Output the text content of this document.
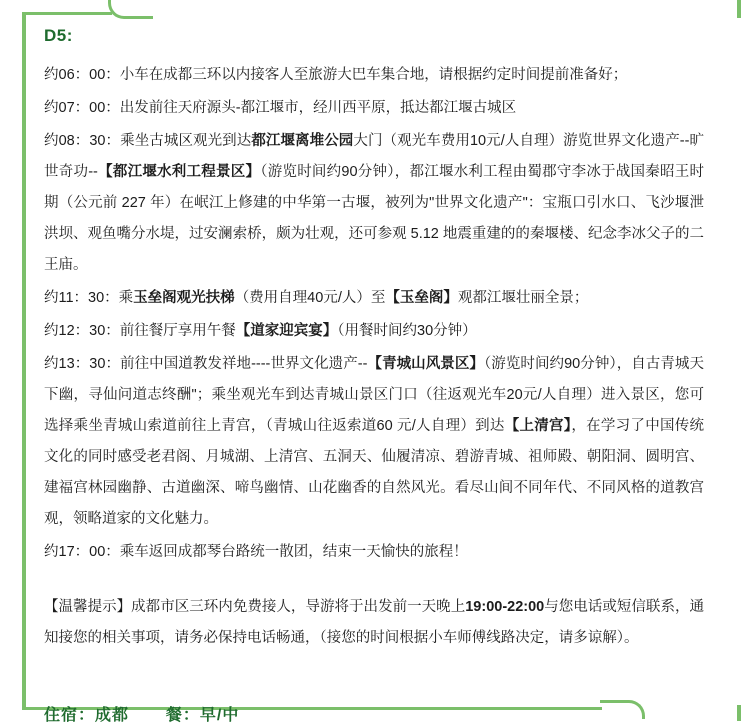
D5:

约06：00：小车在成都三环以内接客人至旅游大巴车集合地，请根据约定时间提前准备好；

约07：00：出发前往天府源头-都江堰市，经川西平原，抵达都江堰古城区

约08：30：乘坐古城区观光到达都江堰离堆公园大门（观光车费用10元/人自理）游览世界文化遗产--旷世奇功--【都江堰水利工程景区】（游览时间约90分钟），都江堰水利工程由蜀郡守李冰于战国秦昭王时期（公元前 227 年）在岷江上修建的中华第一古堰，被列为"世界文化遗产"：宝瓶口引水口、飞沙堰泄洪坝、观鱼嘴分水堤，过安澜索桥，颇为壮观，还可参观 5.12 地震重建的的秦堰楼、纪念李冰父子的二王庙。

约11：30：乘玉垒阁观光扶梯（费用自理40元/人）至【玉垒阁】观都江堰壮丽全景；

约12：30：前往餐厅享用午餐【道家迎宾宴】（用餐时间约30分钟）

约13：30：前往中国道教发祥地----世界文化遗产--【青城山风景区】（游览时间约90分钟），自古青城天下幽，寻仙问道志终酬"；乘坐观光车到达青城山景区门口（往返观光车20元/人自理）进入景区，您可选择乘坐青城山索道前往上青宫，（青城山往返索道60 元/人自理）到达【上清宫】，在学习了中国传统文化的同时感受老君阁、月城湖、上清宫、五洞天、仙履清凉、碧游青城、祖师殿、朝阳洞、圆明宫、建福宫林园幽静、古道幽深、啼鸟幽情、山花幽香的自然风光。看尽山间不同年代、不同风格的道教宫观，领略道家的文化魅力。

约17：00：乘车返回成都琴台路统一散团，结束一天愉快的旅程！

【温馨提示】成都市区三环内免费接人，导游将于出发前一天晚上19:00-22:00与您电话或短信联系，通知接您的相关事项，请务必保持电话畅通，（接您的时间根据小车师傅线路决定，请多谅解）。

住宿：成都 餐：早/中
